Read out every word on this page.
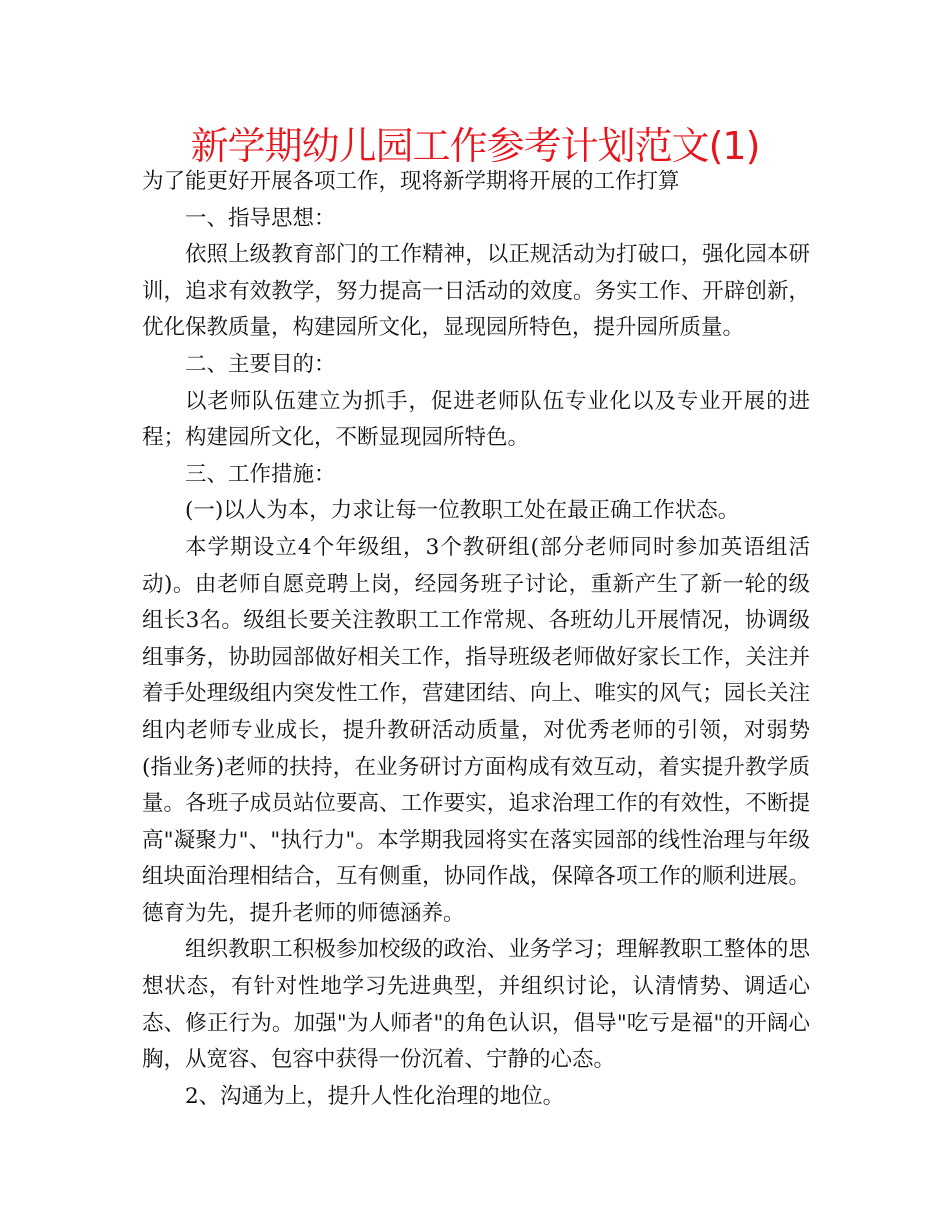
新学期幼儿园工作参考计划范文(1)

为了能更好开展各项工作，现将新学期将开展的工作打算

一、指导思想：

依照上级教育部门的工作精神，以正规活动为打破口，强化园本研训，追求有效教学，努力提高一日活动的效度。务实工作、开辟创新，优化保教质量，构建园所文化，显现园所特色，提升园所质量。

二、主要目的：

以老师队伍建立为抓手，促进老师队伍专业化以及专业开展的进程；构建园所文化，不断显现园所特色。

三、工作措施：

(一)以人为本，力求让每一位教职工处在最正确工作状态。

本学期设立4个年级组，3个教研组(部分老师同时参加英语组活动)。由老师自愿竞聘上岗，经园务班子讨论，重新产生了新一轮的级组长3名。级组长要关注教职工工作常规、各班幼儿开展情况，协调级组事务，协助园部做好相关工作，指导班级老师做好家长工作，关注并着手处理级组内突发性工作，营建团结、向上、唯实的风气；园长关注组内老师专业成长，提升教研活动质量，对优秀老师的引领，对弱势(指业务)老师的扶持，在业务研讨方面构成有效互动，着实提升教学质量。各班子成员站位要高、工作要实，追求治理工作的有效性，不断提高"凝聚力"、"执行力"。本学期我园将实在落实园部的线性治理与年级组块面治理相结合，互有侧重，协同作战，保障各项工作的顺利进展。德育为先，提升老师的师德涵养。

组织教职工积极参加校级的政治、业务学习；理解教职工整体的思想状态，有针对性地学习先进典型，并组织讨论，认清情势、调适心态、修正行为。加强"为人师者"的角色认识，倡导"吃亏是福"的开阔心胸，从宽容、包容中获得一份沉着、宁静的心态。

2、沟通为上，提升人性化治理的地位。
